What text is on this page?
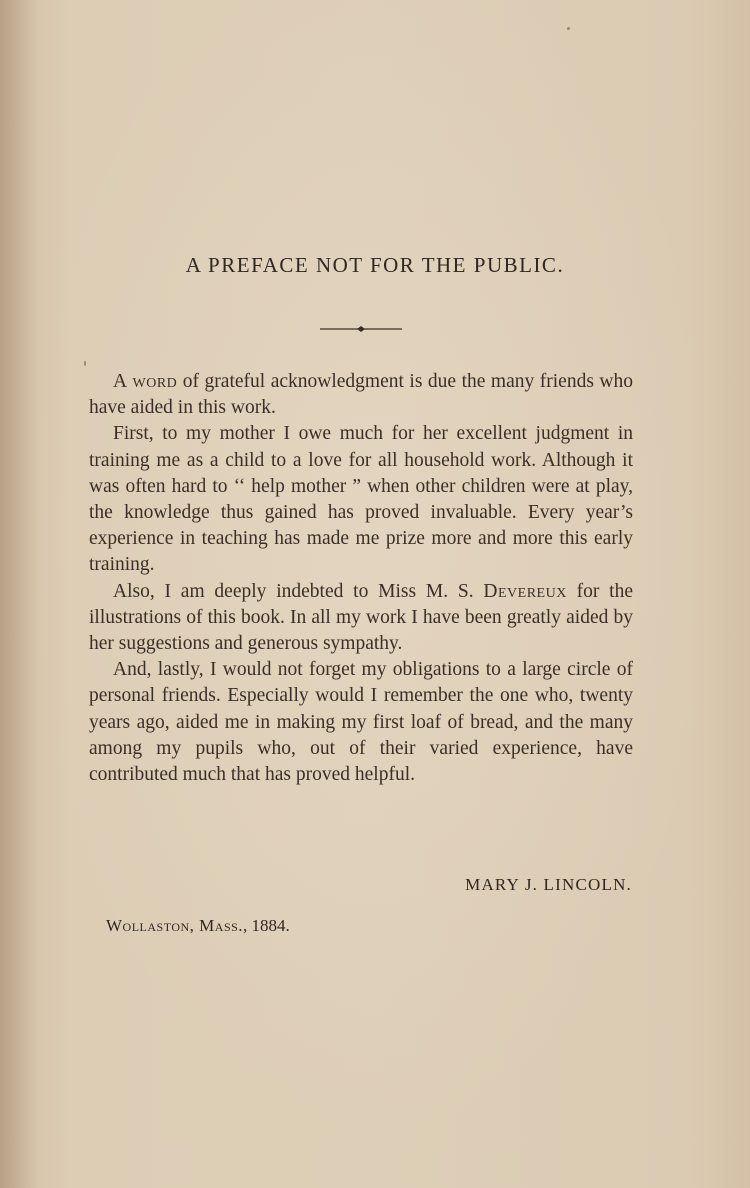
A PREFACE NOT FOR THE PUBLIC.

A word of grateful acknowledgment is due the many friends who have aided in this work.

First, to my mother I owe much for her excellent judgment in training me as a child to a love for all household work. Although it was often hard to ‘‘ help mother ” when other children were at play, the knowledge thus gained has proved invaluable. Every year’s experience in teaching has made me prize more and more this early training.

Also, I am deeply indebted to Miss M. S. Devereux for the illustrations of this book. In all my work I have been greatly aided by her suggestions and generous sympathy.

And, lastly, I would not forget my obligations to a large circle of personal friends. Especially would I remember the one who, twenty years ago, aided me in making my first loaf of bread, and the many among my pupils who, out of their varied experience, have contributed much that has proved helpful.

MARY J. LINCOLN.
Wollaston, Mass., 1884.
